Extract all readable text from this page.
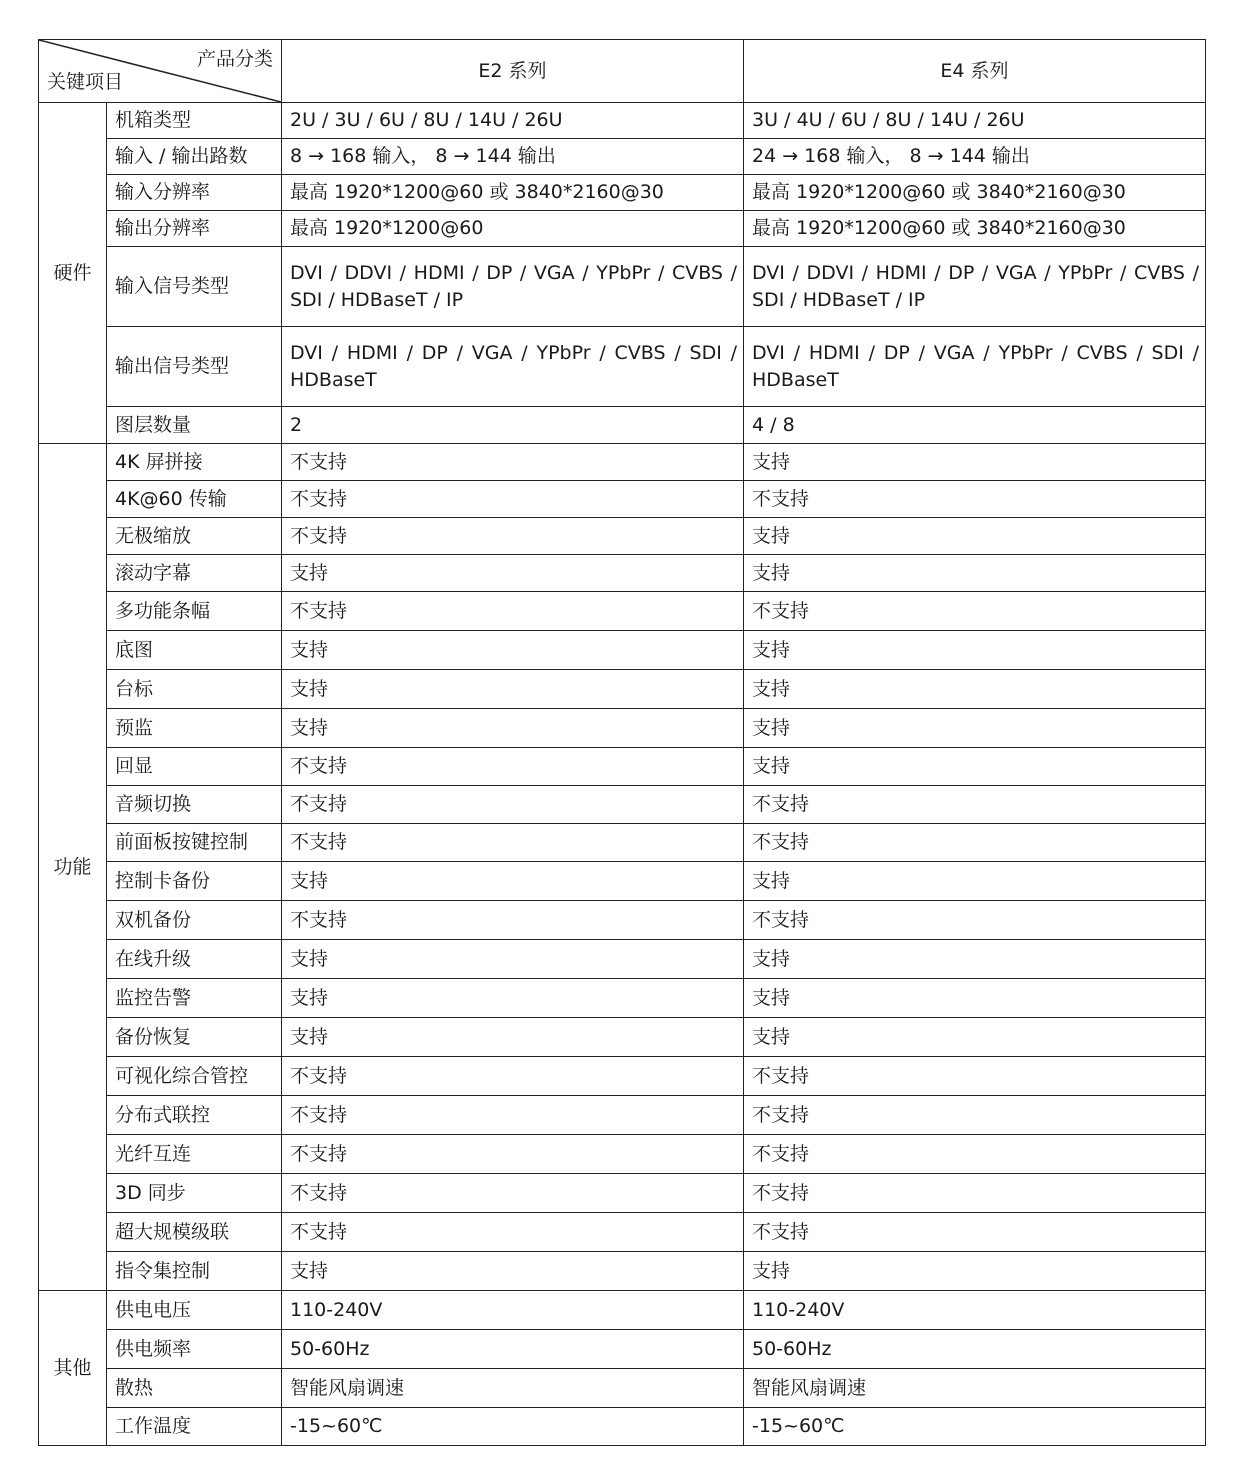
产品分类
关键项目		E2 系列	E4 系列
硬件	机箱类型	2U / 3U / 6U / 8U / 14U / 26U	3U / 4U / 6U / 8U / 14U / 26U
	输入 / 输出路数	8 → 168 输入， 8 → 144 输出	24 → 168 输入， 8 → 144 输出
	输入分辨率	最高 1920*1200@60 或 3840*2160@30	最高 1920*1200@60 或 3840*2160@30
	输出分辨率	最高 1920*1200@60	最高 1920*1200@60 或 3840*2160@30
	输入信号类型	DVI / DDVI / HDMI / DP / VGA / YPbPr / CVBS / SDI / HDBaseT / IP	DVI / DDVI / HDMI / DP / VGA / YPbPr / CVBS / SDI / HDBaseT / IP
	输出信号类型	DVI / HDMI / DP / VGA / YPbPr / CVBS / SDI / HDBaseT	DVI / HDMI / DP / VGA / YPbPr / CVBS / SDI / HDBaseT
	图层数量	2	4 / 8
功能	4K 屏拼接	不支持	支持
	4K@60 传输	不支持	不支持
	无极缩放	不支持	支持
	滚动字幕	支持	支持
	多功能条幅	不支持	不支持
	底图	支持	支持
	台标	支持	支持
	预监	支持	支持
	回显	不支持	支持
	音频切换	不支持	不支持
	前面板按键控制	不支持	不支持
	控制卡备份	支持	支持
	双机备份	不支持	不支持
	在线升级	支持	支持
	监控告警	支持	支持
	备份恢复	支持	支持
	可视化综合管控	不支持	不支持
	分布式联控	不支持	不支持
	光纤互连	不支持	不支持
	3D 同步	不支持	不支持
	超大规模级联	不支持	不支持
	指令集控制	支持	支持
其他	供电电压	110-240V	110-240V
	供电频率	50-60Hz	50-60Hz
	散热	智能风扇调速	智能风扇调速
	工作温度	-15~60℃	-15~60℃
